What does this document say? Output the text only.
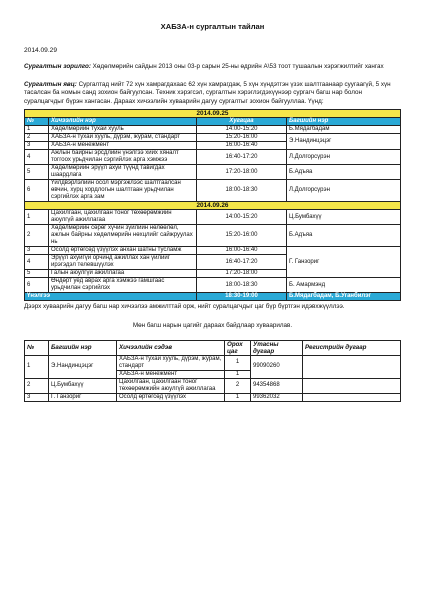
ХАБЗА-н сургалтын тайлан
2014.09.29
Сургалтын зорилго: Хөдөлмөрийн сайдын 2013 оны 03-р сарын 25-ны өдрийн А\53 тоот тушаалын хэрэгжилтийг хангах
Сургалтын явц: Сургалтад нийт 72 хүн хамрагдахаас 62 хүн хамрагдаж, 5 хүн хүндэтгэн үзэх шалтгаанаар суугаагүй, 5 хүн тасалсан ба номын санд зохион байгуулсан. Техник хэрэгсэл, сургалтын хэрэглэгдэхүүнээр сургагч багш нар болон суралцагчдыг бүрэн хангасан. Дараах хичээлийн хуваарийн дагуу сургалтыг зохион байгууллаа. Үүнд:
2014.09.25			
№	Хичээлийн нэр	Хугацаа	Багшийн нэр
1	Хөдөлмөрийн тухай хууль	14:00-15:20	Б.Мядагбадам
2	ХАБЗА-н тухай хууль, дүрэм, журам, стандарт	15:20-16:00	Э.Нандинцэцэг
3	ХАБЗА-н менежмент	16:00-16:40	
4	Ажлын байрны эрсдлийн үнэлгээ хийх хяналт тоггоох урьдчилан сэргийлэх арга хэмжээ	16:40-17:20	Л.Долгорсүрэн
5	Хөдөлмөрийн эрүүл ахуй түүнд тавигдах шаардлага	17:20-18:00	Б.Адъяа
6	Үйлдвэрлэлийн осол мэргэжлээс шалтгаалсан өвчин, хурц хордлогын шалтгаан урьдчилан сэргийлэх арга зам	18:00-18:30	Л.Долгорсүрэн
2014.09.26			
1	Цахилгаан, цахилгаан тоног төхөөрөмжийн аюулгүй ажиллагаа	14:00-15:20	Ц.Бумбахүү
2	Хөдөлмөрийн сөрөг хүчин зүйлийн нөлөөлөл, ажлын байрны хөдөлмөрийн нөхцлийг сайжруулах нь	15:20-16:00	Б.Адъяа
3	Осолд өртөгсөд үзүүлэх анхан шатны тусламж	16:00-16:40	Г. Ганзориг
4	Эрүүл ахуйгүй орчинд ажиллах хан үйлийг ирэгэдэл телевшүүлэх	16:40-17:20	
5	Галын аюулгүй ажиллагаа	17:20-18:00	
6	Өндөрт уед аврах арга хэмжээ гамшгаас урьдчилан сэргийлэх	18:00-18:30	Б. Амармэнд
Үнэлгээ		18:30-19:00	Б.Мядагбадам, Б.Уганбилэг
Дээрх хуваарийн дагуу багш нар хичээлээ амжилттай орж, нийт суралцагчдыг цаг бүр бүртгэн идэвхжүүллээ.
Мөн багш нарын цагийг дараах байдлаар хуваарилав.
№	Багшийн нэр	Хичээлийн сэдэв	Орох цаг	Утасны дугаар	Регистрийн дугаар
1	Э.Нандинцэцэг	ХАБЗА-н тухай хууль, дүрэм, журам, стандарт	1	99090260	
		ХАБЗА-н менежмент	1		
2	Ц.Бумбахүү	Цахилгаан, цахилгаан тоног төхөөрөмжийн аюулгүй ажиллагаа	2	94354868	
3	Г. Ганзориг	Осолд өртөгсөд үзүүлэх	1	99362032	
